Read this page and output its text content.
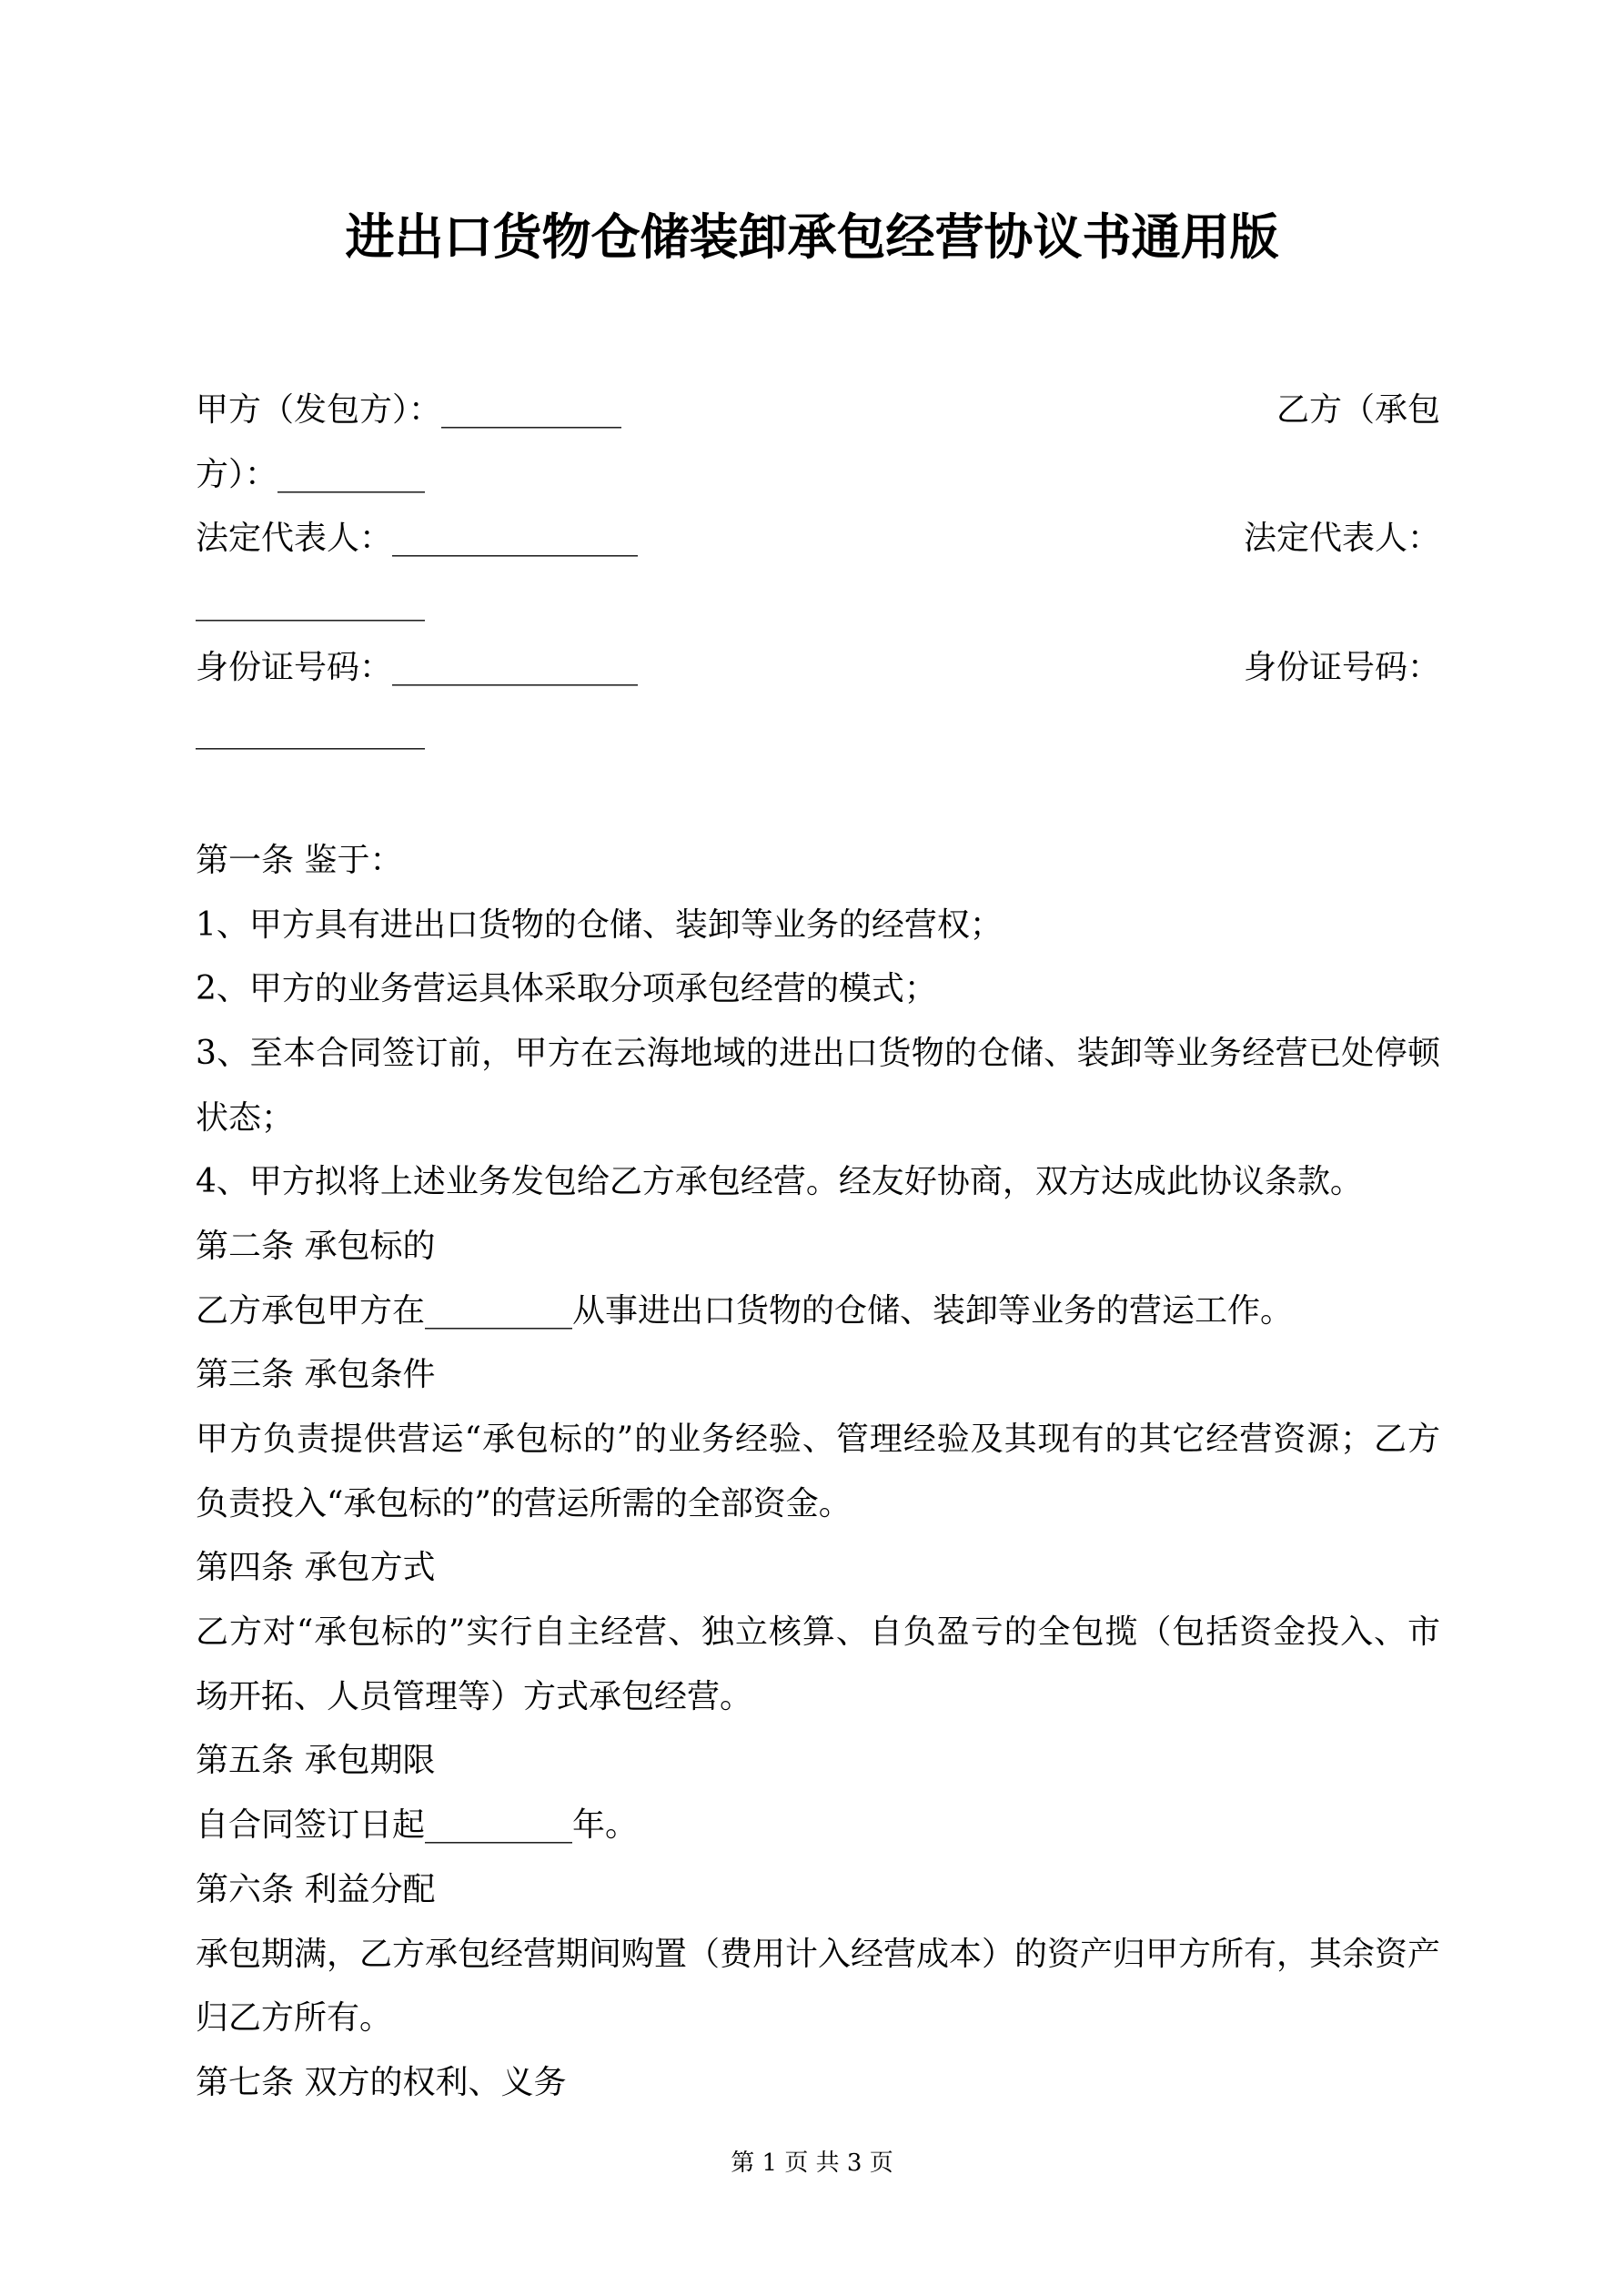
进出口货物仓储装卸承包经营协议书通用版
甲方（发包方）：___________	乙方（承包
方）：_________
法定代表人：_______________	法定代表人：
______________
身份证号码：_______________	身份证号码：
______________
第一条 鉴于：
1、甲方具有进出口货物的仓储、装卸等业务的经营权；
2、甲方的业务营运具体采取分项承包经营的模式；
3、至本合同签订前，甲方在云海地域的进出口货物的仓储、装卸等业务经营已处停顿
状态；
4、甲方拟将上述业务发包给乙方承包经营。经友好协商，双方达成此协议条款。
第二条 承包标的
乙方承包甲方在_________从事进出口货物的仓储、装卸等业务的营运工作。
第三条 承包条件
甲方负责提供营运“承包标的”的业务经验、管理经验及其现有的其它经营资源；乙方
负责投入“承包标的”的营运所需的全部资金。
第四条 承包方式
乙方对“承包标的”实行自主经营、独立核算、自负盈亏的全包揽（包括资金投入、市
场开拓、人员管理等）方式承包经营。
第五条 承包期限
自合同签订日起_________年。
第六条 利益分配
承包期满，乙方承包经营期间购置（费用计入经营成本）的资产归甲方所有，其余资产
归乙方所有。
第七条 双方的权利、义务
第 1 页 共 3 页
